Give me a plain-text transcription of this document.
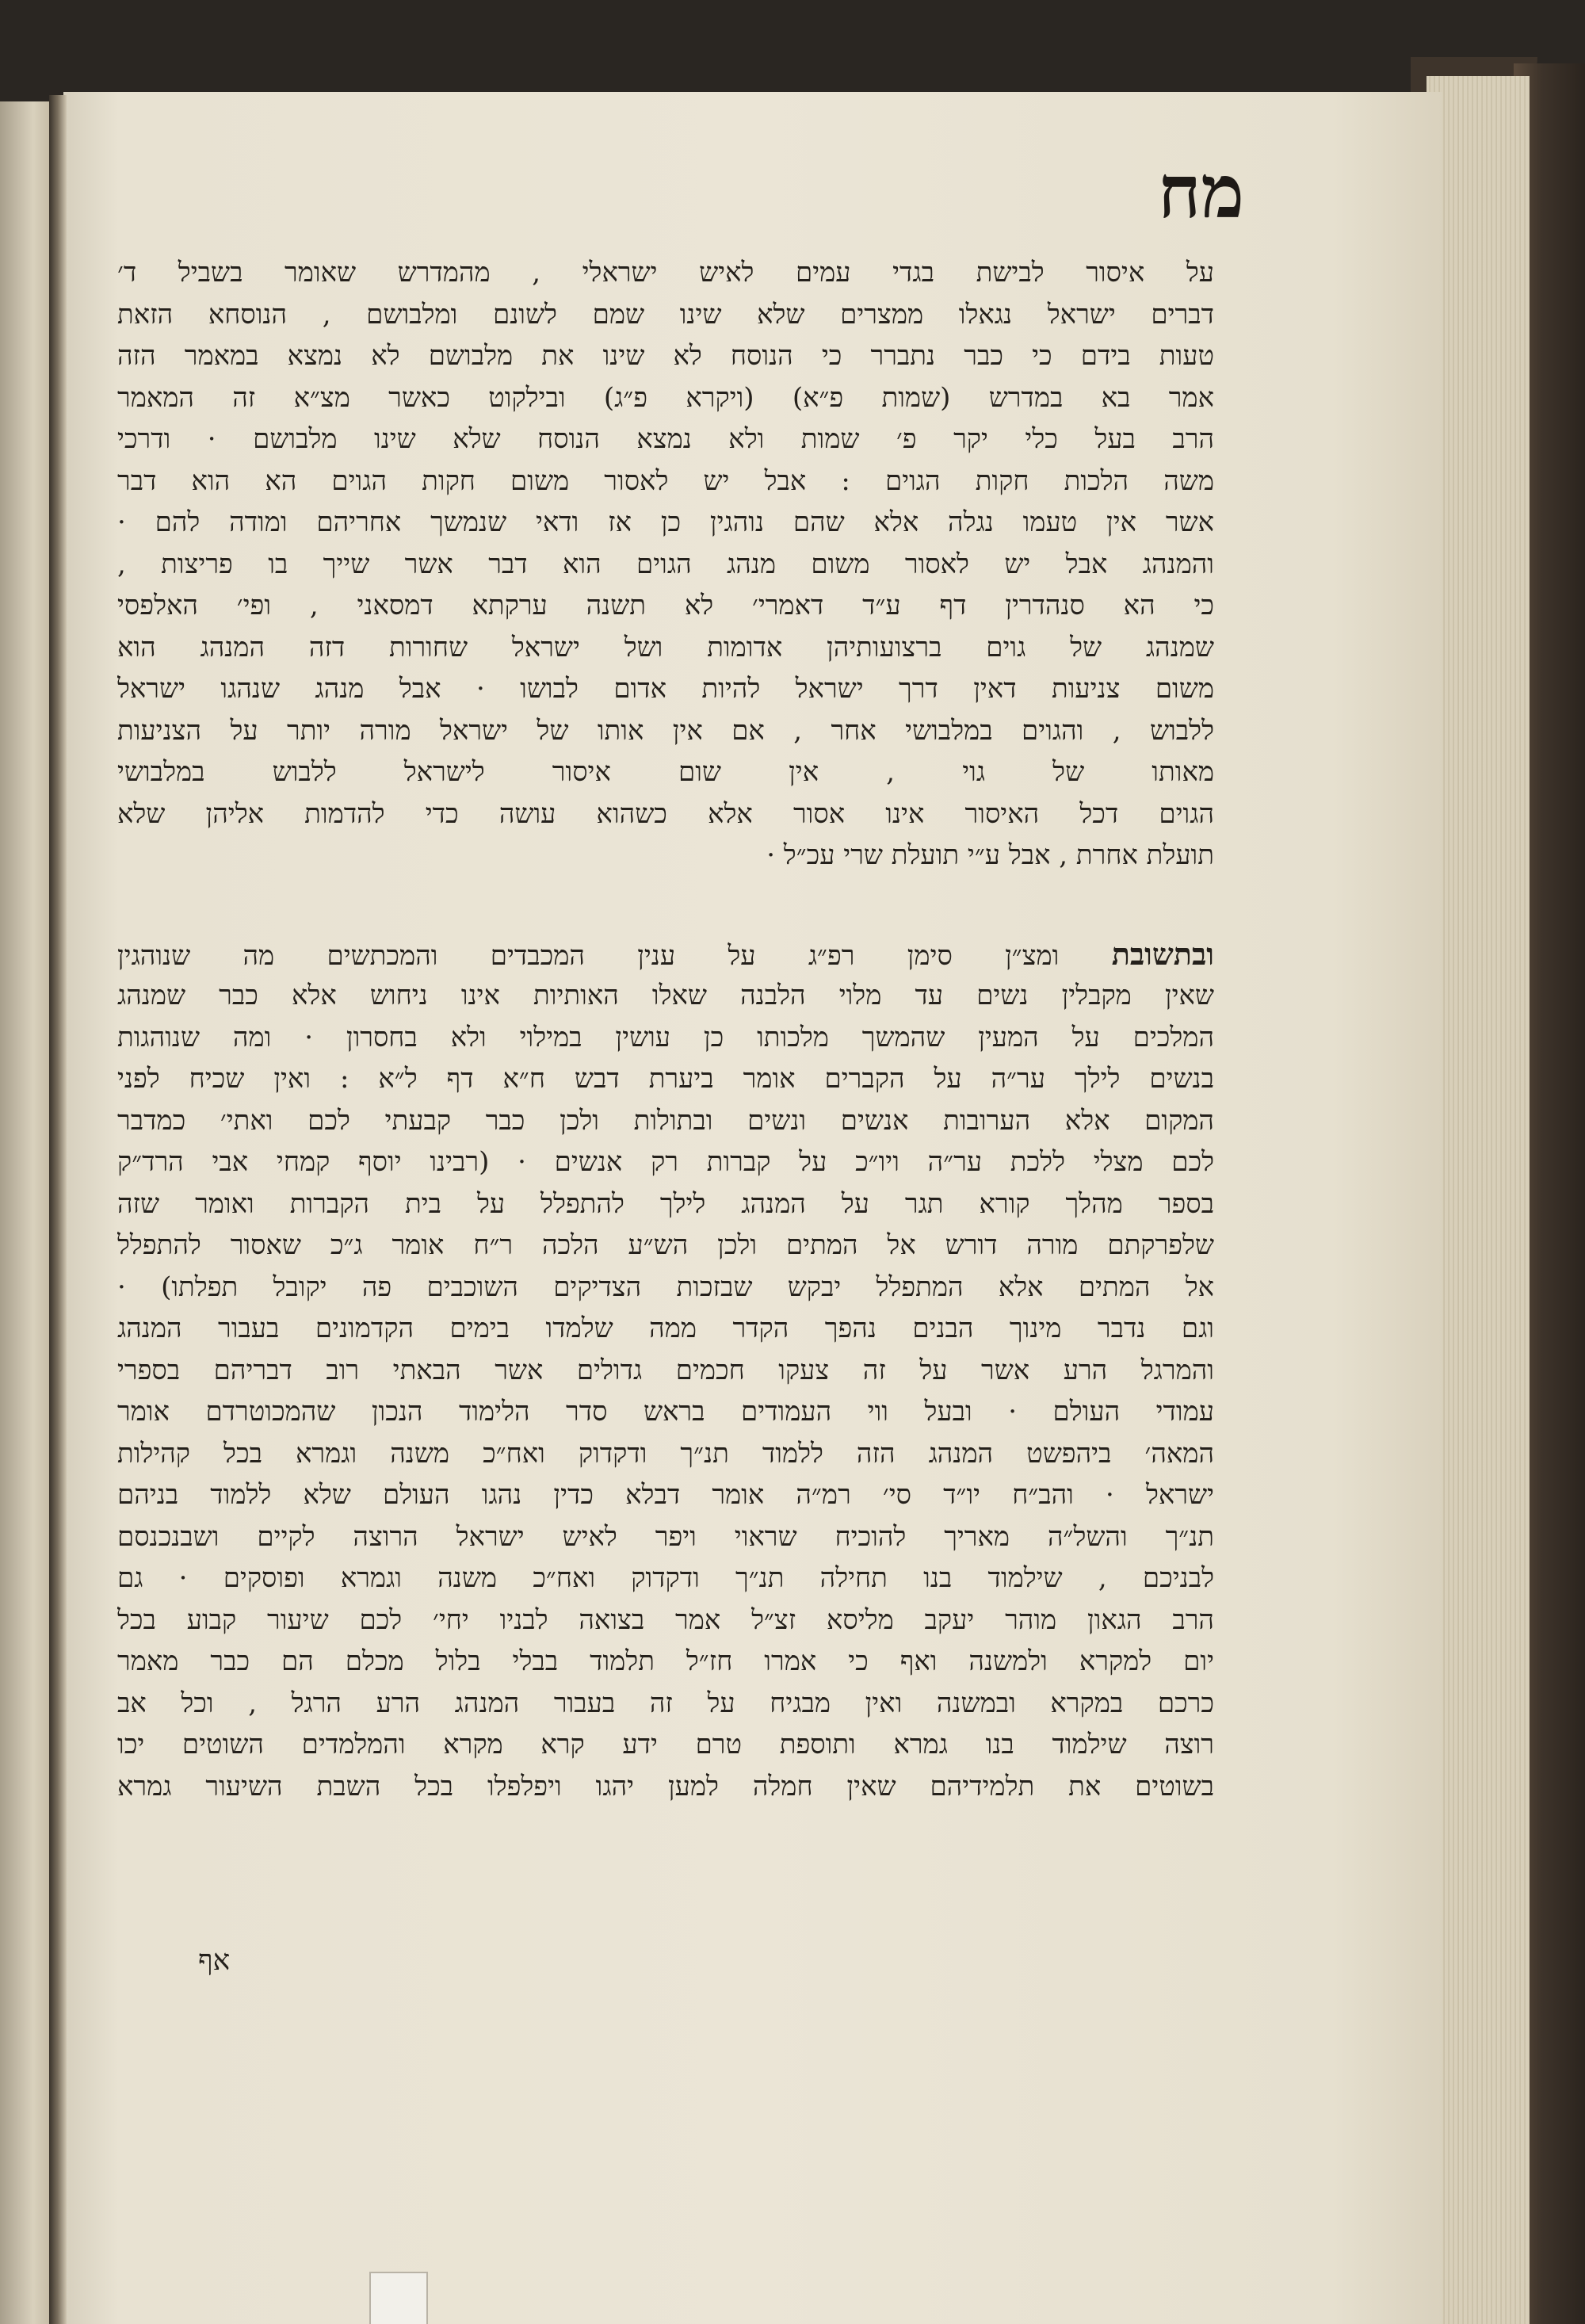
מח
על איסור לבישת בגדי עמים לאיש ישראלי , מהמדרש שאומר בשביל ד׳
דברים ישראל נגאלו ממצרים שלא שינו שמם לשונם ומלבושם , הנוסחא הזאת
טעות בידם כי כבר נתברר כי הנוסח לא שינו את מלבושם לא נמצא במאמר הזה
אמר בא במדרש (שמות פ״א) (ויקרא פ״ג) ובילקוט כאשר מצ״א זה המאמר
הרב בעל כלי יקר פ׳ שמות ולא נמצא הנוסח שלא שינו מלבושם · ודרכי
משה הלכות חקות הגוים : אבל יש לאסור משום חקות הגוים הא הוא דבר
אשר אין טעמו נגלה אלא שהם נוהגין כן אז ודאי שנמשך אחריהם ומודה להם ·
והמנהג אבל יש לאסור משום מנהג הגוים הוא דבר אשר שייך בו פריצות ,
כי הא סנהדרין דף ע״ד דאמרי׳ לא תשנה ערקתא דמסאני , ופי׳ האלפסי
שמנהג של גוים ברצועותיהן אדומות ושל ישראל שחורות דזה המנהג הוא
משום צניעות דאין דרך ישראל להיות אדום לבושו · אבל מנהג שנהגו ישראל
ללבוש , והגוים במלבושי אחר , אם אין אותו של ישראל מורה יותר על הצניעות
מאותו של גוי , אין שום איסור לישראל ללבוש במלבושי
הגוים דכל האיסור אינו אסור אלא כשהוא עושה כדי להדמות אליהן שלא
תועלת אחרת , אבל ע״י תועלת שרי עכ״ל ·
ובתשובת ומצ״ן סימן רפ״ג על ענין המכבדים והמכתשים מה שנוהגין
שאין מקבלין נשים עד מלוי הלבנה שאלו האותיות אינו ניחוש אלא כבר שמנהג
המלכים על המעין שהמשך מלכותו כן עושין במילוי ולא בחסרון · ומה שנוהגות
בנשים לילך ער״ה על הקברים אומר ביערת דבש ח״א דף ל״א : ואין שכיח לפני
המקום אלא הערובות אנשים ונשים ובתולות ולכן כבר קבעתי לכם ואתי׳ כמדבר
לכם מצלי ללכת ער״ה ויו״כ על קברות רק אנשים · (רבינו יוסף קמחי אבי הרד״ק
בספר מהלך קורא תגר על המנהג לילך להתפלל על בית הקברות ואומר שזה
שלפרקתם מורה דורש אל המתים ולכן הש״ע הלכה ר״ח אומר ג״כ שאסור להתפלל
אל המתים אלא המתפלל יבקש שבזכות הצדיקים השוכבים פה יקובל תפלתו) ·
וגם נדבר מינוך הבנים נהפך הקדר ממה שלמדו בימים הקדמונים בעבור המנהג
והמרגל הרע אשר על זה צעקו חכמים גדולים אשר הבאתי רוב דבריהם בספרי
עמודי העולם · ובעל ווי העמודים בראש סדר הלימוד הנכון שהמכוטרדם אומר
המאה׳ ביהפשט המנהג הזה ללמוד תנ״ך ודקדוק ואח״כ משנה וגמרא בכל קהילות
ישראל · והב״ח יו״ד סי׳ רמ״ה אומר דבלא כדין נהגו העולם שלא ללמוד בניהם
תנ״ך והשל״ה מאריך להוכיח שראוי ויפר לאיש ישראל הרוצה לקיים ושבנכנסם
לבניכם , שילמוד בנו תחילה תנ״ך ודקדוק ואח״כ משנה וגמרא ופוסקים · גם
הרב הגאון מוהר יעקב מליסא זצ״ל אמר בצואה לבניו יחי׳ לכם שיעור קבוע בכל
יום למקרא ולמשנה ואף כי אמרו חז״ל תלמוד בבלי בלול מכלם הם כבר מאמר
כרכם במקרא ובמשנה ואין מבגיח על זה בעבור המנהג הרע הרגל , וכל אב
רוצה שילמוד בנו גמרא ותוספת טרם ידע קרא מקרא והמלמדים השוטים יכו
בשוטים את תלמידיהם שאין חמלה למען יהגו ויפלפלו בכל השבת השיעור גמרא
אף
